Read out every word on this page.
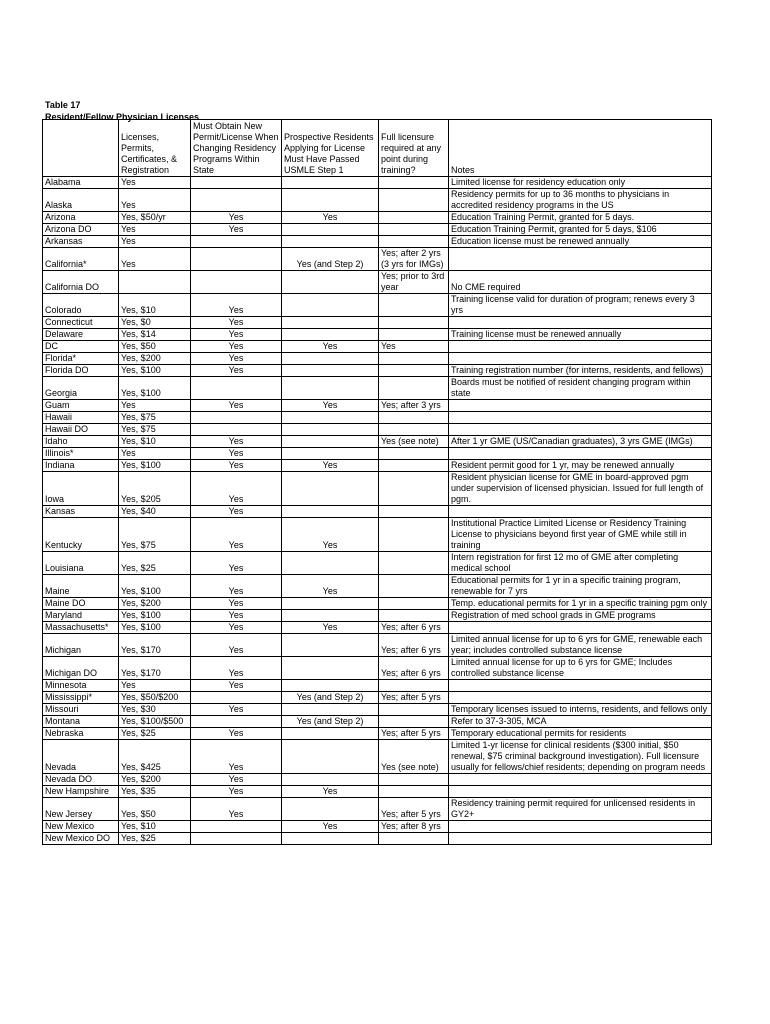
Table 17
Resident/Fellow Physician Licenses
	Licenses, Permits, Certificates, & Registration	Must Obtain New Permit/License When Changing Residency Programs Within State	Prospective Residents Applying for License Must Have Passed USMLE Step 1	Full licensure required at any point during training?	Notes
Alabama	Yes				Limited license for residency education only
Alaska	Yes				Residency permits for up to 36 months to physicians in accredited residency programs in the US
Arizona	Yes, $50/yr	Yes	Yes		Education Training Permit, granted for 5 days.
Arizona DO	Yes	Yes			Education Training Permit, granted for 5 days, $106
Arkansas	Yes				Education license must be renewed annually
California*	Yes		Yes (and Step 2)	Yes; after 2 yrs (3 yrs for IMGs)	
California DO				Yes; prior to 3rd year	No CME required
Colorado	Yes, $10	Yes			Training license valid for duration of program; renews every 3 yrs
Connecticut	Yes, $0	Yes			
Delaware	Yes, $14	Yes			Training license must be renewed annually
DC	Yes, $50	Yes	Yes	Yes	
Florida*	Yes, $200	Yes			
Florida DO	Yes, $100	Yes			Training registration number (for interns, residents, and fellows)
Georgia	Yes, $100				Boards must be notified of resident changing program within state
Guam	Yes	Yes	Yes	Yes; after 3 yrs	
Hawaii	Yes, $75				
Hawaii DO	Yes, $75				
Idaho	Yes, $10	Yes		Yes (see note)	After 1 yr GME (US/Canadian graduates), 3 yrs GME (IMGs)
Illinois*	Yes	Yes			
Indiana	Yes, $100	Yes	Yes		Resident permit good for 1 yr, may be renewed annually
Iowa	Yes, $205	Yes			Resident physician license for GME in board-approved pgm under supervision of licensed physician. Issued for full length of pgm.
Kansas	Yes, $40	Yes			
Kentucky	Yes, $75	Yes	Yes		Institutional Practice Limited License or Residency Training License to physicians beyond first year of GME while still in training
Louisiana	Yes, $25	Yes			Intern registration for first 12 mo of GME after completing medical school
Maine	Yes, $100	Yes	Yes		Educational permits for 1 yr in a specific training program, renewable for 7 yrs
Maine DO	Yes, $200	Yes			Temp. educational permits for 1 yr in a specific training pgm only
Maryland	Yes, $100	Yes			Registration of med school grads in GME programs
Massachusetts*	Yes, $100	Yes	Yes	Yes; after 6 yrs	
Michigan	Yes, $170	Yes		Yes; after 6 yrs	Limited annual license for up to 6 yrs for GME, renewable each year; includes controlled substance license
Michigan DO	Yes, $170	Yes		Yes; after 6 yrs	Limited annual license for up to 6 yrs for GME; Includes controlled substance license
Minnesota	Yes	Yes			
Mississippi*	Yes, $50/$200		Yes (and Step 2)	Yes; after 5 yrs	
Missouri	Yes, $30	Yes			Temporary licenses issued to interns, residents, and fellows only
Montana	Yes, $100/$500		Yes (and Step 2)		Refer to 37-3-305, MCA
Nebraska	Yes, $25	Yes		Yes; after 5 yrs	Temporary educational permits for residents
Nevada	Yes, $425	Yes		Yes (see note)	Limited 1-yr license for clinical residents ($300 initial, $50 renewal, $75 criminal background investigation). Full licensure usually for fellows/chief residents; depending on program needs
Nevada DO	Yes, $200	Yes			
New Hampshire	Yes, $35	Yes	Yes		
New Jersey	Yes, $50	Yes		Yes; after 5 yrs	Residency training permit required for unlicensed residents in GY2+
New Mexico	Yes, $10		Yes	Yes; after 8 yrs	
New Mexico DO	Yes, $25				
